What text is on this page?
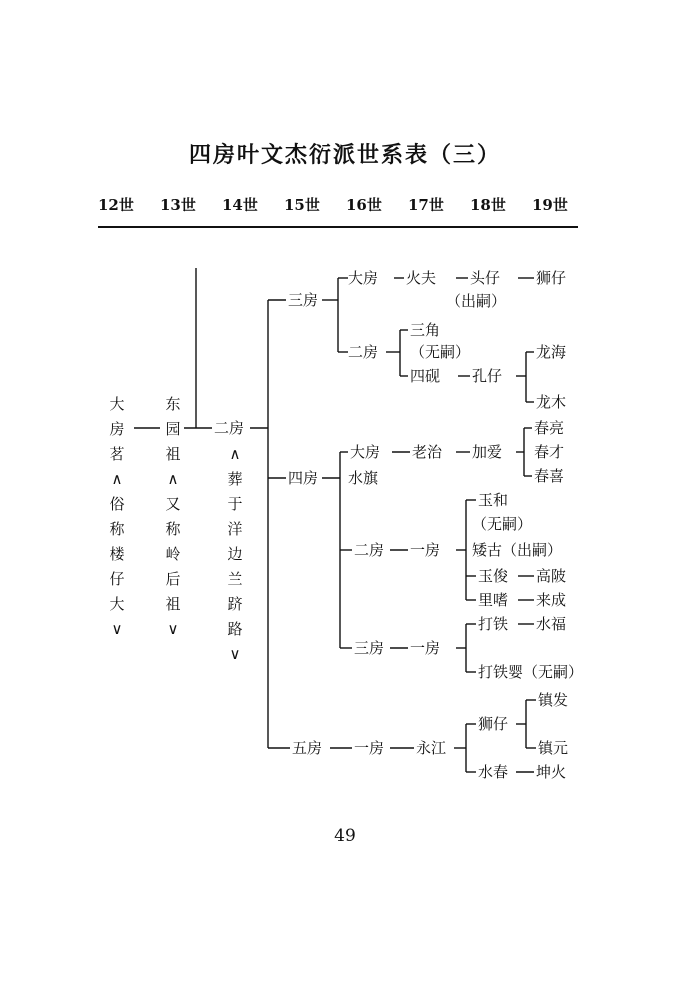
四房叶文杰衍派世系表（三）
12世 13世 14世 15世 16世 17世 18世 19世
大房茗∧俗称楼仔大∨
东园祖∧又称岭后祖∨
二房
∧葬于洋边兰跻路∨
三房
大房 火夫 头仔 狮仔
（出嗣）
二房
三角
（无嗣）
四砚 孔仔
龙海
龙木
四房 水旗
大房 老治 加爱
春亮
春才
春喜
二房 一房
玉和
（无嗣）
矮古（出嗣）
玉俊 高陂
里嗜 来成
三房 一房
打铁 水福
打铁婴（无嗣）
五房 一房 永江
狮仔
镇发
镇元
水春 坤火
49
